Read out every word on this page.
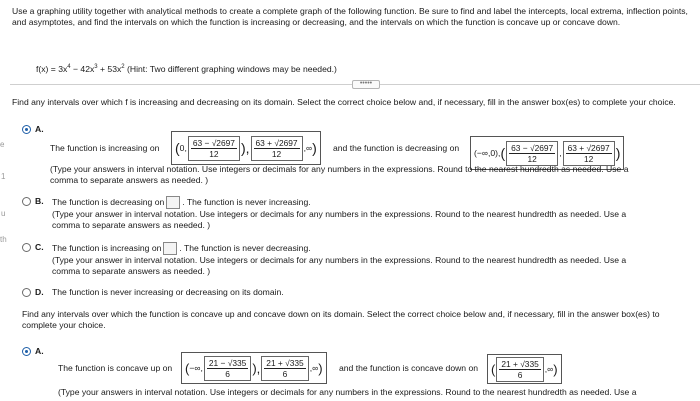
e
1
u
th
Use a graphing utility together with analytical methods to create a complete graph of the following function. Be sure to find and label the intercepts, local extrema, inflection points, and asymptotes, and find the intervals on which the function is increasing or decreasing, and the intervals on which the function is concave up or concave down.
$f(x) = 3x^4 - 42x^3 + 53x^2$ (Hint: Two different graphing windows may be needed.)
•••••
Find any intervals over which f is increasing and decreasing on its domain. Select the correct choice below and, if necessary, fill in the answer box(es) to complete your choice.
A.
The function is increasing on ( 0, $\frac{63 - √2697}{12}$ ), $\frac{63 + √2697}{12}$ ,∞ ) and the function is decreasing on (−∞,0), ( $\frac{63 - √2697}{12}$ , $\frac{63 + √2697}{12}$ )
(Type your answers in interval notation. Use integers or decimals for any numbers in the expressions. Round to the nearest hundredth as needed. Use a
comma to separate answers as needed. )
B. The function is decreasing on . The function is never increasing.
(Type your answer in interval notation. Use integers or decimals for any numbers in the expressions. Round to the nearest hundredth as needed. Use a
comma to separate answers as needed. )
C. The function is increasing on . The function is never decreasing.
(Type your answer in interval notation. Use integers or decimals for any numbers in the expressions. Round to the nearest hundredth as needed. Use a
comma to separate answers as needed. )
D. The function is never increasing or decreasing on its domain.
Find any intervals over which the function is concave up and concave down on its domain. Select the correct choice below and, if necessary, fill in the answer box(es) to complete your choice.
A.
The function is concave up on ( −∞, $\frac{21 - √335}{6}$ ), $\frac{21 + √335}{6}$ ,∞ ) and the function is concave down on ( $\frac{21 + √335}{6}$ ,∞ )
(Type your answers in interval notation. Use integers or decimals for any numbers in the expressions. Round to the nearest hundredth as needed. Use a
